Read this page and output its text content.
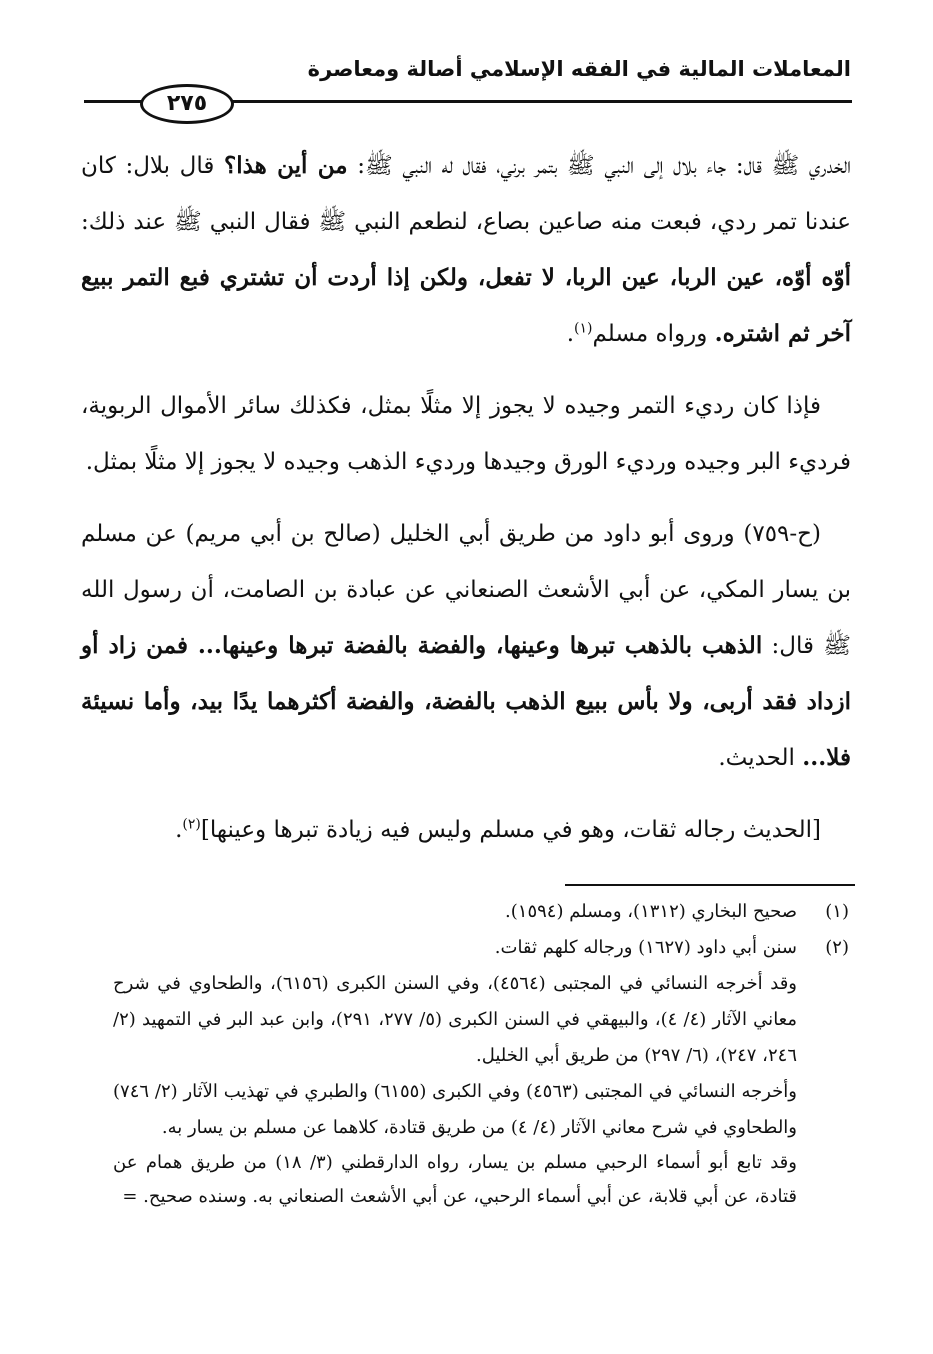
المعاملات المالية في الفقه الإسلامي أصالة ومعاصرة
٢٧٥

الخدري ﷺ قال: جاء بلال إلى النبي ﷺ بتمر برني، فقال له النبي ﷺ: من أين هذا؟ قال بلال: كان عندنا تمر ردي، فبعت منه صاعين بصاع، لنطعم النبي ﷺ فقال النبي ﷺ عند ذلك: أوّه أوّه، عين الربا، عين الربا، لا تفعل، ولكن إذا أردت أن تشتري فبع التمر ببيع آخر ثم اشتره. ورواه مسلم$^{(١)}$.

فإذا كان رديء التمر وجيده لا يجوز إلا مثلًا بمثل، فكذلك سائر الأموال الربوية، فرديء البر وجيده ورديء الورق وجيدها ورديء الذهب وجيده لا يجوز إلا مثلًا بمثل.

(ح-٧٥٩) وروى أبو داود من طريق أبي الخليل (صالح بن أبي مريم) عن مسلم بن يسار المكي، عن أبي الأشعث الصنعاني عن عبادة بن الصامت، أن رسول الله ﷺ قال: الذهب بالذهب تبرها وعينها، والفضة بالفضة تبرها وعينها... فمن زاد أو ازداد فقد أربى، ولا بأس ببيع الذهب بالفضة، والفضة أكثرهما يدًا بيد، وأما نسيئة فلا... الحديث.

[الحديث رجاله ثقات، وهو في مسلم وليس فيه زيادة تبرها وعينها]$^{(٢)}$.

(١)
صحيح البخاري (١٣١٢)، ومسلم (١٥٩٤).
(٢)
سنن أبي داود (١٦٢٧) ورجاله كلهم ثقات.

وقد أخرجه النسائي في المجتبى (٤٥٦٤)، وفي السنن الكبرى (٦١٥٦)، والطحاوي في شرح معاني الآثار (٤/ ٤)، والبيهقي في السنن الكبرى (٥/ ٢٧٧، ٢٩١)، وابن عبد البر في التمهيد (٢/ ٢٤٦، ٢٤٧)، (٦/ ٢٩٧) من طريق أبي الخليل.

وأخرجه النسائي في المجتبى (٤٥٦٣) وفي الكبرى (٦١٥٥) والطبري في تهذيب الآثار (٢/ ٧٤٦) والطحاوي في شرح معاني الآثار (٤/ ٤) من طريق قتادة، كلاهما عن مسلم بن يسار به.

وقد تابع أبو أسماء الرحبي مسلم بن يسار، رواه الدارقطني (٣/ ١٨) من طريق همام عن قتادة، عن أبي قلابة، عن أبي أسماء الرحبي، عن أبي الأشعث الصنعاني به. وسنده صحيح. =
